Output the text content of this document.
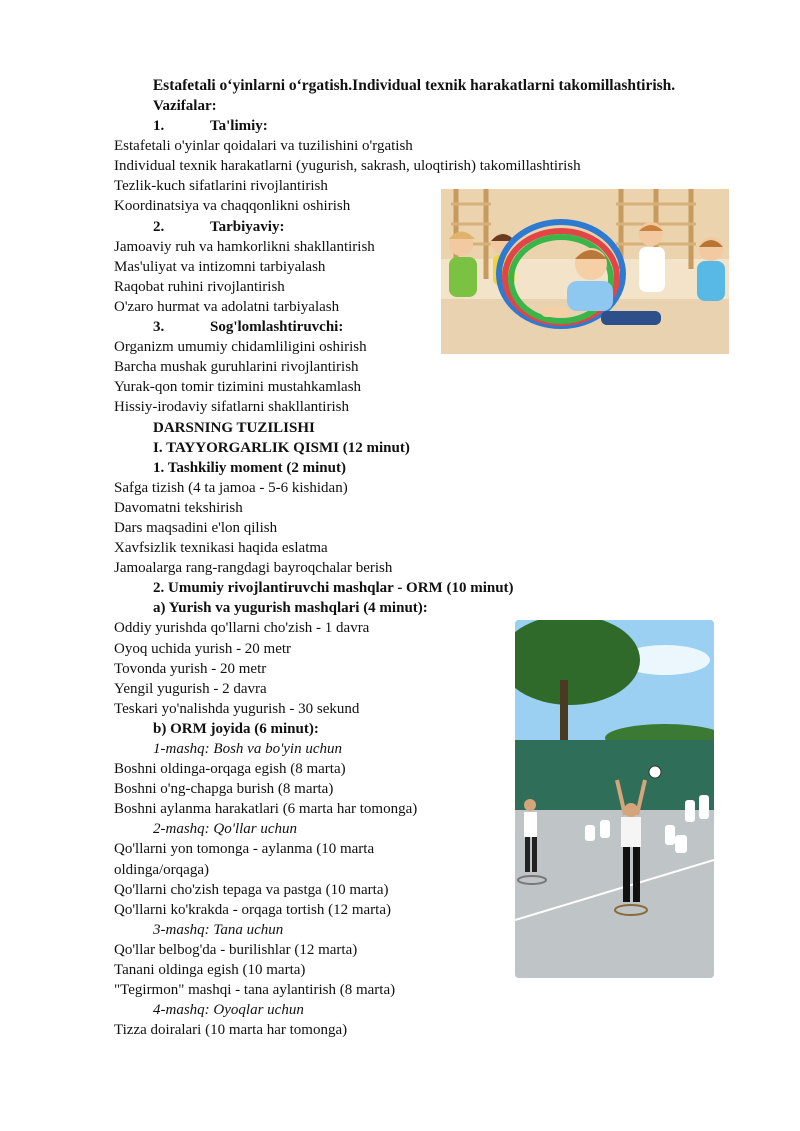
Estafetali o‘yinlarni o‘rgatish.Individual texnik harakatlarni takomillashtirish.
Vazifalar:
1.	Ta'limiy:
Estafetali o'yinlar qoidalari va tuzilishini o'rgatish
Individual texnik harakatlarni (yugurish, sakrash, uloqtirish) takomillashtirish
Tezlik-kuch sifatlarini rivojlantirish
Koordinatsiya va chaqqonlikni oshirish
2.	Tarbiyaviy:
Jamoaviy ruh va hamkorlikni shakllantirish
Mas'uliyat va intizomni tarbiyalash
Raqobat ruhini rivojlantirish
O'zaro hurmat va adolatni tarbiyalash
3.	Sog'lomlashtiruvchi:
Organizm umumiy chidamliligini oshirish
Barcha mushak guruhlarini rivojlantirish
Yurak-qon tomir tizimini mustahkamlash
Hissiy-irodaviy sifatlarni shakllantirish
DARSNING TUZILISHI
I. TAYYORGARLIK QISMI (12 minut)
1. Tashkiliy moment (2 minut)
Safga tizish (4 ta jamoa - 5-6 kishidan)
Davomatni tekshirish
Dars maqsadini e'lon qilish
Xavfsizlik texnikasi haqida eslatma
Jamoalarga rang-rangdagi bayroqchalar berish
2. Umumiy rivojlantiruvchi mashqlar - ORM (10 minut)
a) Yurish va yugurish mashqlari (4 minut):
Oddiy yurishda qo'llarni cho'zish - 1 davra
Oyoq uchida yurish - 20 metr
Tovonda yurish - 20 metr
Yengil yugurish - 2 davra
Teskari yo'nalishda yugurish - 30 sekund
b) ORM joyida (6 minut):
1-mashq: Bosh va bo'yin uchun
Boshni oldinga-orqaga egish (8 marta)
Boshni o'ng-chapga burish (8 marta)
Boshni aylanma harakatlari (6 marta har tomonga)
2-mashq: Qo'llar uchun
Qo'llarni yon tomonga - aylanma (10 marta
oldinga/orqaga)
Qo'llarni cho'zish tepaga va pastga (10 marta)
Qo'llarni ko'krakda - orqaga tortish (12 marta)
3-mashq: Tana uchun
Qo'llar belbog'da - burilishlar (12 marta)
Tanani oldinga egish (10 marta)
"Tegirmon" mashqi - tana aylantirish (8 marta)
4-mashq: Oyoqlar uchun
Tizza doiralari (10 marta har tomonga)
